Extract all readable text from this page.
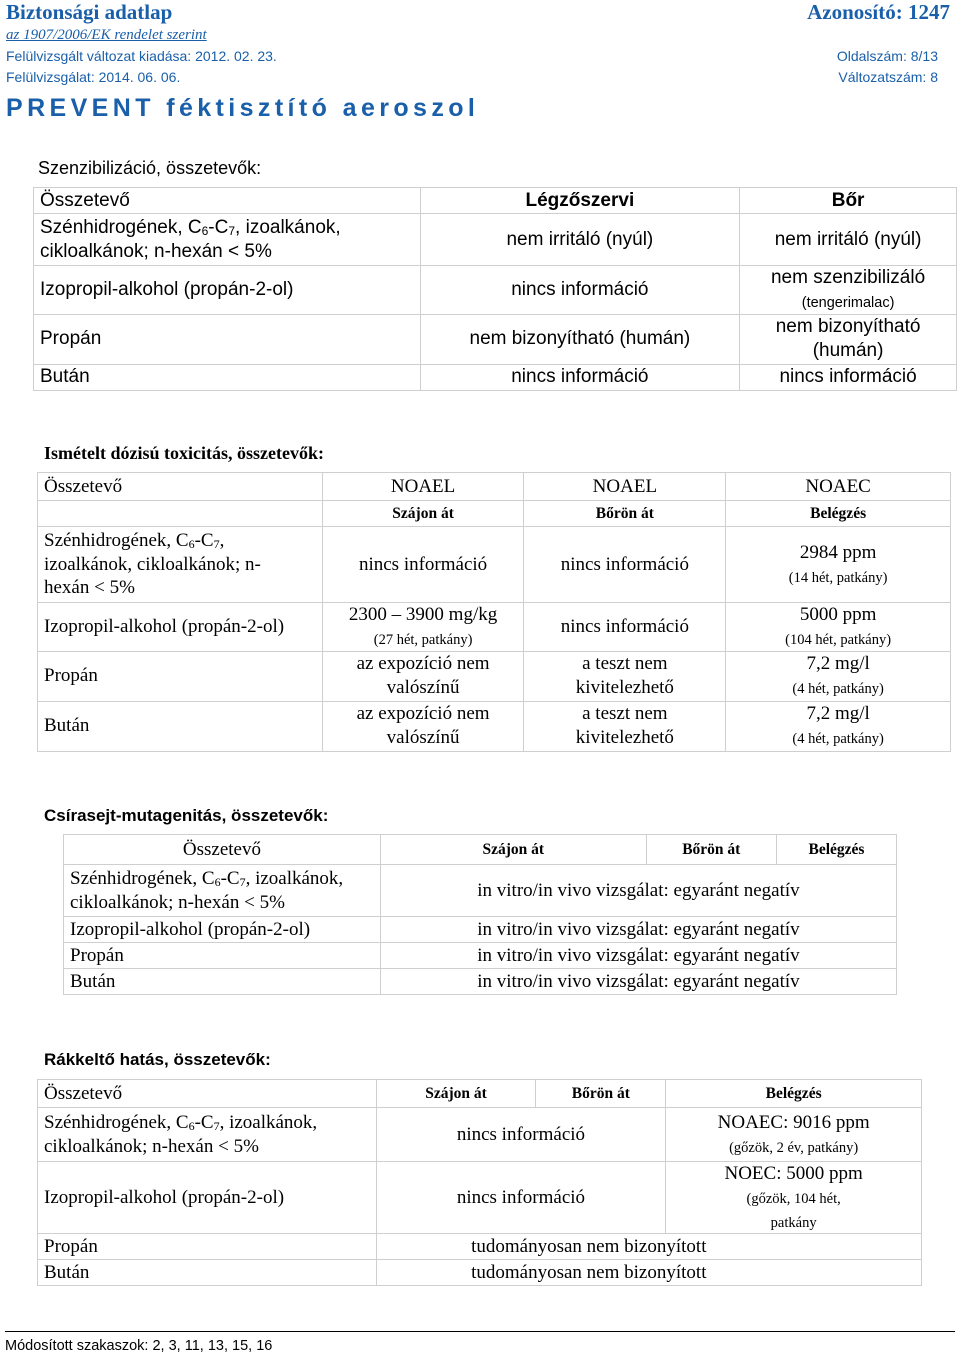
Biztonsági adatlap	Azonosító: 1247
az 1907/2006/EK rendelet szerint
Felülvizsgált változat kiadása: 2012. 02. 23.	Oldalszám: 8/13
Felülvizsgálat: 2014. 06. 06.	Változatszám: 8
PREVENT féktisztító aeroszol
Szenzibilizáció, összetevők:
Összetevő	Légzőszervi	Bőr
Szénhidrogének, $C_6-C_7$, izoalkánok,
cikloalkánok; n-hexán < 5%	nem irritáló (nyúl)	nem irritáló (nyúl)
Izopropil-alkohol (propán-2-ol)	nincs információ	nem szenzibilizáló
(tengerimalac)
Propán	nem bizonyítható (humán)	nem bizonyítható
(humán)
Bután	nincs információ	nincs információ
Ismételt dózisú toxicitás, összetevők:
Összetevő	NOAEL	NOAEL	NOAEC
	Szájon át	Bőrön át	Belégzés
Szénhidrogének, $C_6-C_7$,
izoalkánok, cikloalkánok; n-
hexán < 5%	nincs információ	nincs információ	2984 ppm
(14 hét, patkány)
Izopropil-alkohol (propán-2-ol)	2300 – 3900 mg/kg
(27 hét, patkány)	nincs információ	5000 ppm
(104 hét, patkány)
Propán	az expozíció nem
valószínű	a teszt nem
kivitelezhető	7,2 mg/l
(4 hét, patkány)
Bután	az expozíció nem
valószínű	a teszt nem
kivitelezhető	7,2 mg/l
(4 hét, patkány)
Csírasejt-mutagenitás, összetevők:
Összetevő	Szájon át	Bőrön át	Belégzés
Szénhidrogének, $C_6-C_7$, izoalkánok,
cikloalkánok; n-hexán < 5%	in vitro/in vivo vizsgálat: egyaránt negatív		
Izopropil-alkohol (propán-2-ol)	in vitro/in vivo vizsgálat: egyaránt negatív		
Propán	in vitro/in vivo vizsgálat: egyaránt negatív		
Bután	in vitro/in vivo vizsgálat: egyaránt negatív		
Rákkeltő hatás, összetevők:
Összetevő	Szájon át	Bőrön át	Belégzés
Szénhidrogének, $C_6-C_7$, izoalkánok,
cikloalkánok; n-hexán < 5%	nincs információ		NOAEC: 9016 ppm
(gőzök, 2 év, patkány)
Izopropil-alkohol (propán-2-ol)	nincs információ		NOEC: 5000 ppm
(gőzök, 104 hét,
patkány
Propán	tudományosan nem bizonyított		
Bután	tudományosan nem bizonyított		
Módosított szakaszok: 2, 3, 11, 13, 15, 16
